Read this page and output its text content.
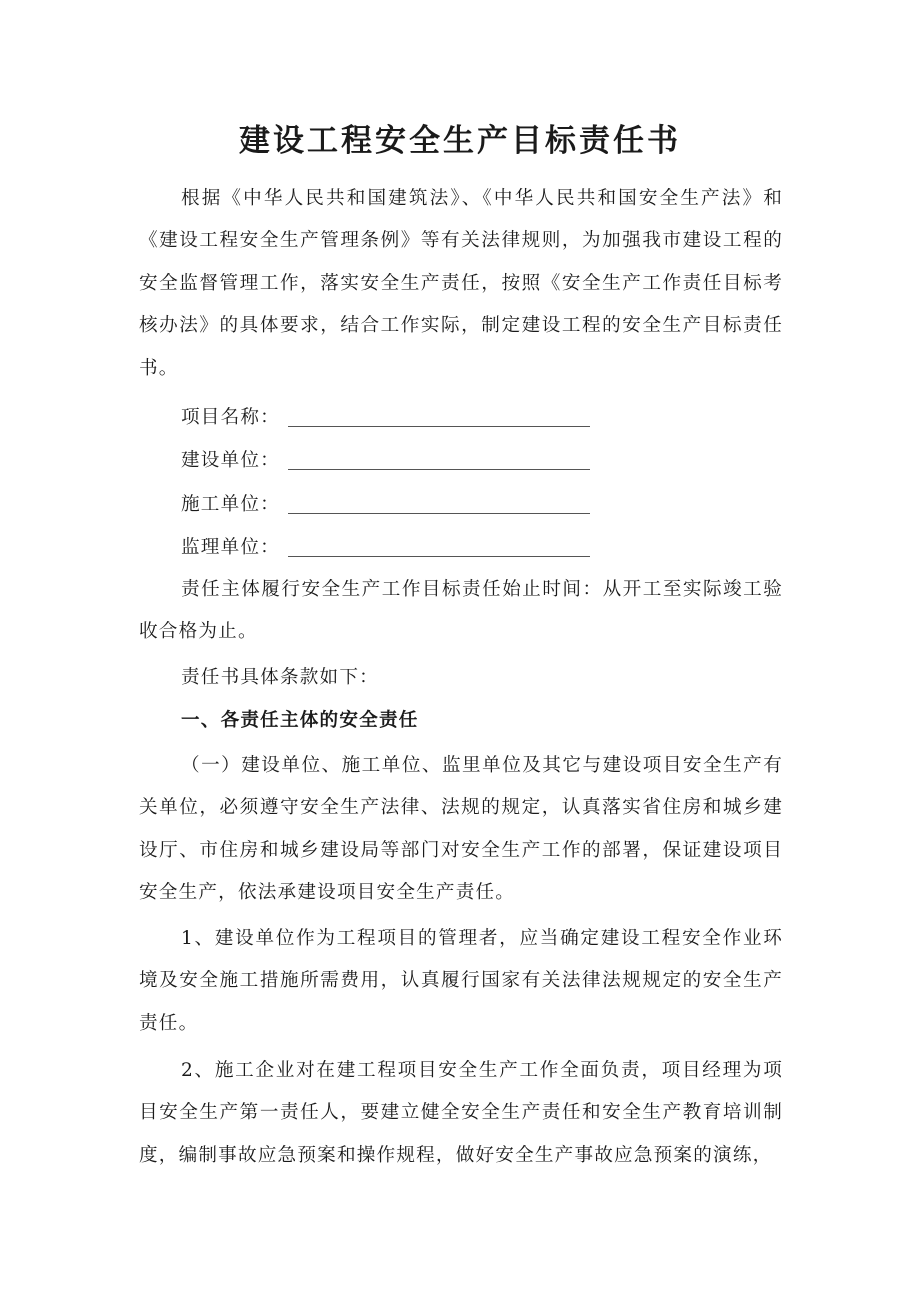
建设工程安全生产目标责任书

根据《中华人民共和国建筑法》、《中华人民共和国安全生产法》和《建设工程安全生产管理条例》等有关法律规则，为加强我市建设工程的安全监督管理工作，落实安全生产责任，按照《安全生产工作责任目标考核办法》的具体要求，结合工作实际，制定建设工程的安全生产目标责任书。

项目名称：
建设单位：
施工单位：
监理单位：

责任主体履行安全生产工作目标责任始止时间：从开工至实际竣工验收合格为止。

责任书具体条款如下：

一、各责任主体的安全责任

（一）建设单位、施工单位、监里单位及其它与建设项目安全生产有关单位，必须遵守安全生产法律、法规的规定，认真落实省住房和城乡建设厅、市住房和城乡建设局等部门对安全生产工作的部署，保证建设项目安全生产，依法承建设项目安全生产责任。

1、建设单位作为工程项目的管理者，应当确定建设工程安全作业环境及安全施工措施所需费用，认真履行国家有关法律法规规定的安全生产责任。

2、施工企业对在建工程项目安全生产工作全面负责，项目经理为项目安全生产第一责任人，要建立健全安全生产责任和安全生产教育培训制度，编制事故应急预案和操作规程，做好安全生产事故应急预案的演练，
